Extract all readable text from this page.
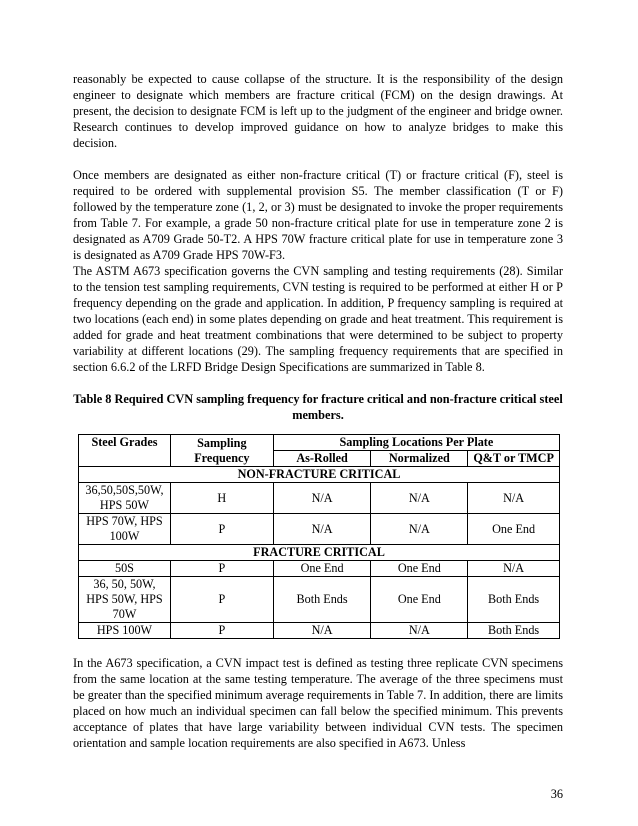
reasonably be expected to cause collapse of the structure. It is the responsibility of the design engineer to designate which members are fracture critical (FCM) on the design drawings. At present, the decision to designate FCM is left up to the judgment of the engineer and bridge owner. Research continues to develop improved guidance on how to analyze bridges to make this decision.

Once members are designated as either non-fracture critical (T) or fracture critical (F), steel is required to be ordered with supplemental provision S5. The member classification (T or F) followed by the temperature zone (1, 2, or 3) must be designated to invoke the proper requirements from Table 7. For example, a grade 50 non-fracture critical plate for use in temperature zone 2 is designated as A709 Grade 50-T2. A HPS 70W fracture critical plate for use in temperature zone 3 is designated as A709 Grade HPS 70W-F3.

The ASTM A673 specification governs the CVN sampling and testing requirements (28). Similar to the tension test sampling requirements, CVN testing is required to be performed at either H or P frequency depending on the grade and application. In addition, P frequency sampling is required at two locations (each end) in some plates depending on grade and heat treatment. This requirement is added for grade and heat treatment combinations that were determined to be subject to property variability at different locations (29). The sampling frequency requirements that are specified in section 6.6.2 of the LRFD Bridge Design Specifications are summarized in Table 8.

Table 8 Required CVN sampling frequency for fracture critical and non-fracture critical steel members.

Steel Grades	Sampling Frequency	Sampling Locations Per Plate		
		As-Rolled	Normalized	Q&T or TMCP
NON-FRACTURE CRITICAL				
36,50,50S,50W, HPS 50W	H	N/A	N/A	N/A
HPS 70W, HPS 100W	P	N/A	N/A	One End
FRACTURE CRITICAL				
50S	P	One End	One End	N/A
36, 50, 50W, HPS 50W, HPS 70W	P	Both Ends	One End	Both Ends
HPS 100W	P	N/A	N/A	Both Ends

In the A673 specification, a CVN impact test is defined as testing three replicate CVN specimens from the same location at the same testing temperature. The average of the three specimens must be greater than the specified minimum average requirements in Table 7. In addition, there are limits placed on how much an individual specimen can fall below the specified minimum. This prevents acceptance of plates that have large variability between individual CVN tests. The specimen orientation and sample location requirements are also specified in A673. Unless

36
